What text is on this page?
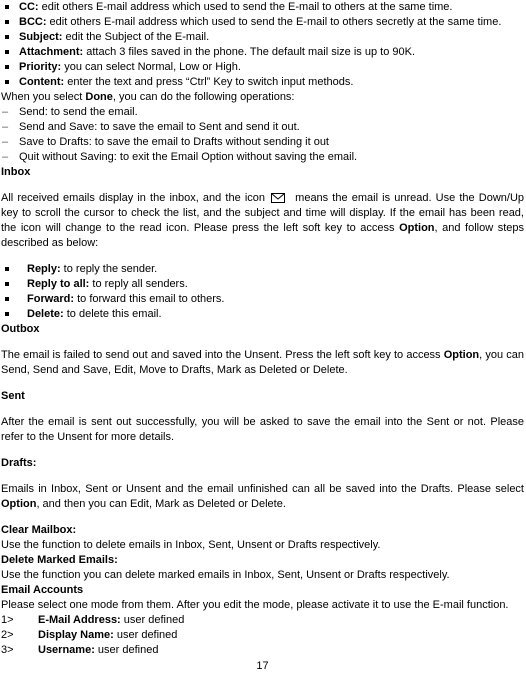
CC: edit others E-mail address which used to send the E-mail to others at the same time.

BCC: edit others E-mail address which used to send the E-mail to others secretly at the same time.

Subject: edit the Subject of the E-mail.

Attachment: attach 3 files saved in the phone. The default mail size is up to 90K.

Priority: you can select Normal, Low or High.

Content: enter the text and press “Ctrl” Key to switch input methods.

When you select Done, you can do the following operations:

– Send: to send the email.

– Send and Save: to save the email to Sent and send it out.

– Save to Drafts: to save the email to Drafts without sending it out

– Quit without Saving: to exit the Email Option without saving the email.

Inbox

All received emails display in the inbox, and the icon means the email is unread. Use the Down/Up key to scroll the cursor to check the list, and the subject and time will display. If the email has been read, the icon will change to the read icon. Please press the left soft key to access Option, and follow steps described as below:

Reply: to reply the sender.

Reply to all: to reply all senders.

Forward: to forward this email to others.

Delete: to delete this email.

Outbox

The email is failed to send out and saved into the Unsent. Press the left soft key to access Option, you can Send, Send and Save, Edit, Move to Drafts, Mark as Deleted or Delete.

Sent

After the email is sent out successfully, you will be asked to save the email into the Sent or not. Please refer to the Unsent for more details.

Drafts:

Emails in Inbox, Sent or Unsent and the email unfinished can all be saved into the Drafts. Please select Option, and then you can Edit, Mark as Deleted or Delete.

Clear Mailbox:

Use the function to delete emails in Inbox, Sent, Unsent or Drafts respectively.

Delete Marked Emails:

Use the function you can delete marked emails in Inbox, Sent, Unsent or Drafts respectively.

Email Accounts

Please select one mode from them. After you edit the mode, please activate it to use the E-mail function.

1>	E-Mail Address: user defined

2>	Display Name: user defined

3>	Username: user defined

17
